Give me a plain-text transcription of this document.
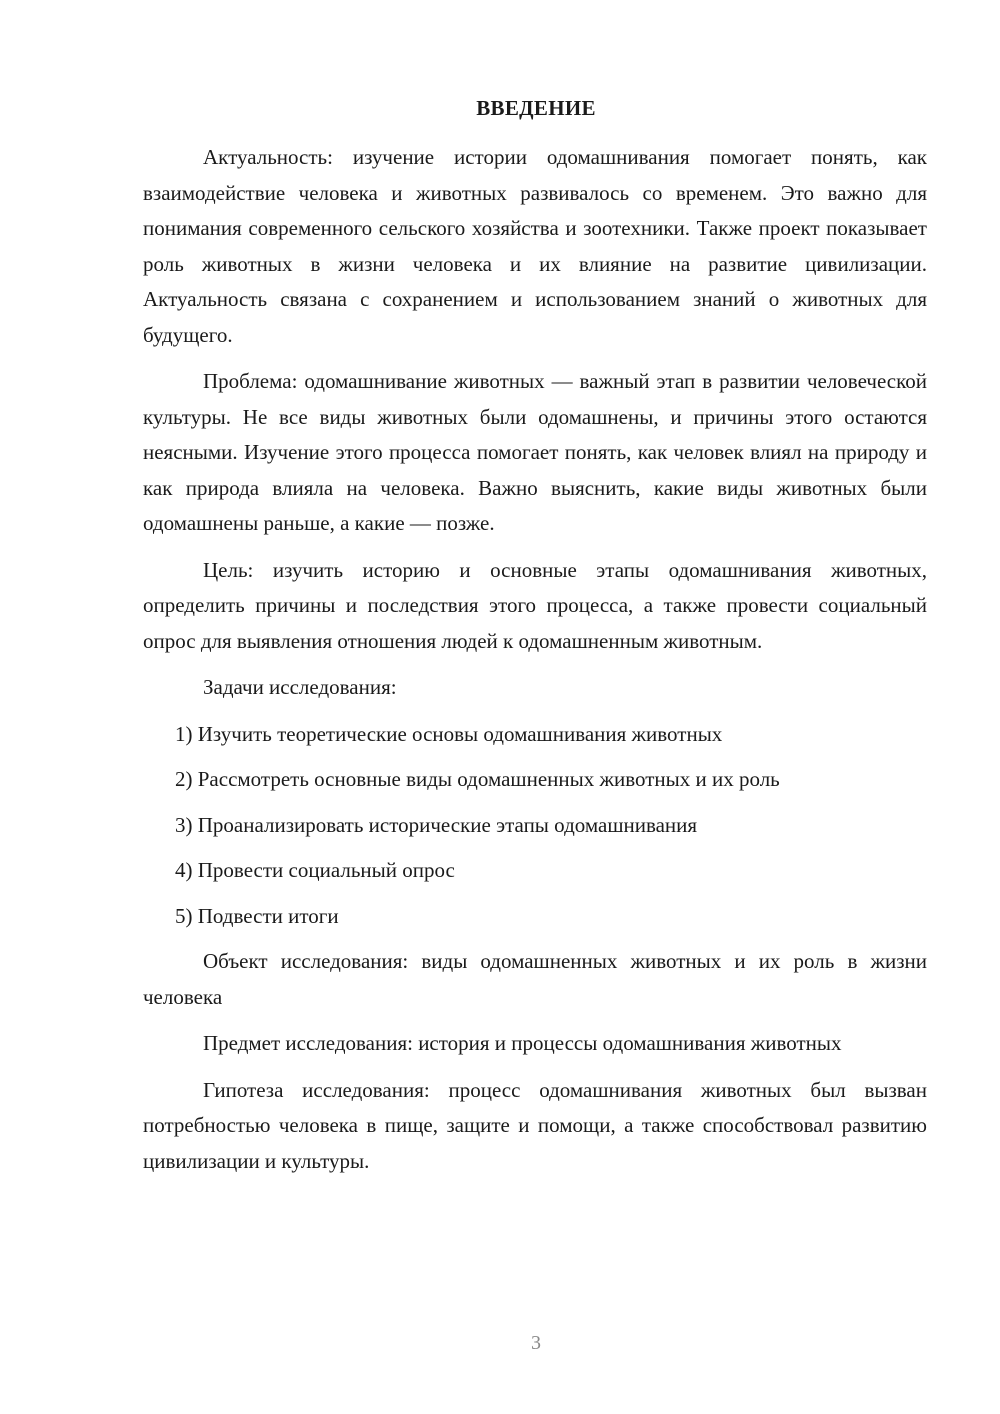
ВВЕДЕНИЕ

Актуальность: изучение истории одомашнивания помогает понять, как взаимодействие человека и животных развивалось со временем. Это важно для понимания современного сельского хозяйства и зоотехники. Также проект показывает роль животных в жизни человека и их влияние на развитие цивилизации. Актуальность связана с сохранением и использованием знаний о животных для будущего.

Проблема: одомашнивание животных — важный этап в развитии человеческой культуры. Не все виды животных были одомашнены, и причины этого остаются неясными. Изучение этого процесса помогает понять, как человек влиял на природу и как природа влияла на человека. Важно выяснить, какие виды животных были одомашнены раньше, а какие — позже.

Цель: изучить историю и основные этапы одомашнивания животных, определить причины и последствия этого процесса, а также провести социальный опрос для выявления отношения людей к одомашненным животным.

Задачи исследования:

1) Изучить теоретические основы одомашнивания животных

2) Рассмотреть основные виды одомашненных животных и их роль

3) Проанализировать исторические этапы одомашнивания

4) Провести социальный опрос

5) Подвести итоги

Объект исследования: виды одомашненных животных и их роль в жизни человека

Предмет исследования: история и процессы одомашнивания животных

Гипотеза исследования: процесс одомашнивания животных был вызван потребностью человека в пище, защите и помощи, а также способствовал развитию цивилизации и культуры.

3
